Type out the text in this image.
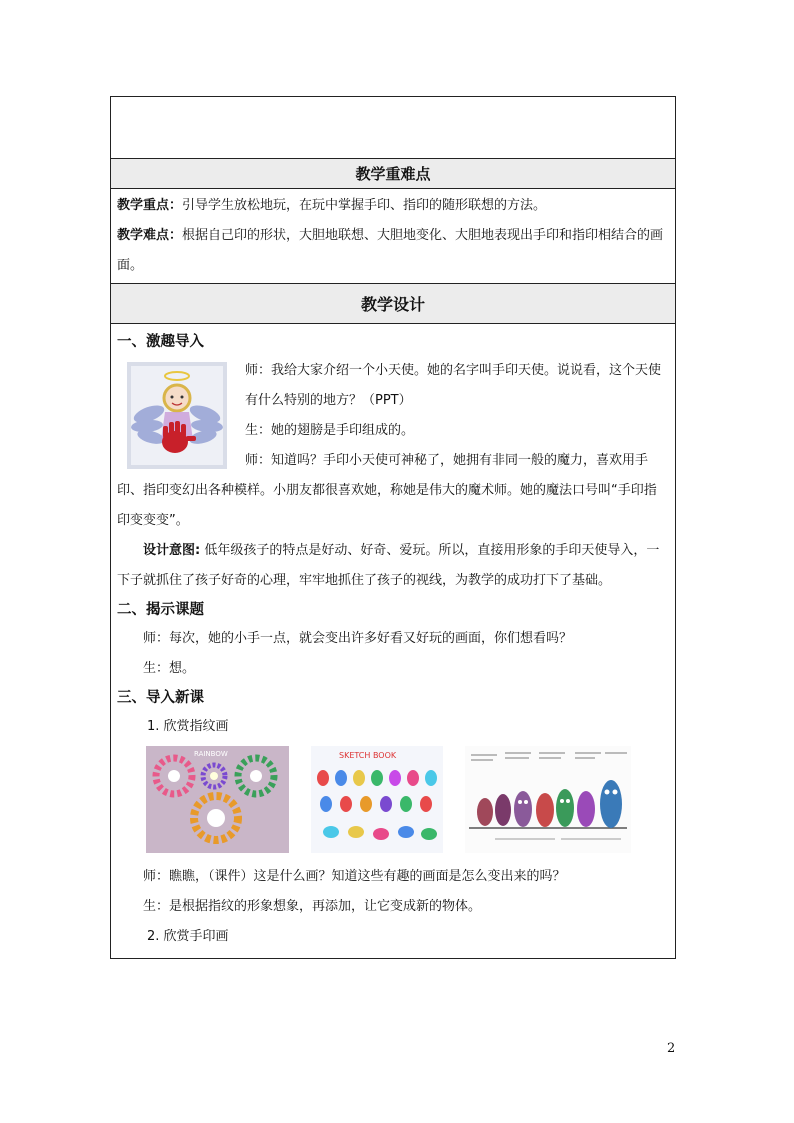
教学重难点

教学重点：引导学生放松地玩，在玩中掌握手印、指印的随形联想的方法。

教学难点：根据自己印的形状，大胆地联想、大胆地变化、大胆地表现出手印和指印相结合的画面。

教学设计

一、激趣导入

师：我给大家介绍一个小天使。她的名字叫手印天使。说说看，这个天使有什么特别的地方？（PPT）

生：她的翅膀是手印组成的。

师：知道吗？手印小天使可神秘了，她拥有非同一般的魔力，喜欢用手印、指印变幻出各种模样。小朋友都很喜欢她，称她是伟大的魔术师。她的魔法口号叫“手印指印变变变”。

设计意图: 低年级孩子的特点是好动、好奇、爱玩。所以，直接用形象的手印天使导入，一下子就抓住了孩子好奇的心理，牢牢地抓住了孩子的视线，为教学的成功打下了基础。

二、揭示课题

师：每次，她的小手一点，就会变出许多好看又好玩的画面，你们想看吗？

生：想。

三、导入新课

1. 欣赏指纹画

RAINBOW	SKETCH BOOK

师：瞧瞧，（课件）这是什么画？知道这些有趣的画面是怎么变出来的吗？

生：是根据指纹的形象想象，再添加，让它变成新的物体。

2. 欣赏手印画

2
